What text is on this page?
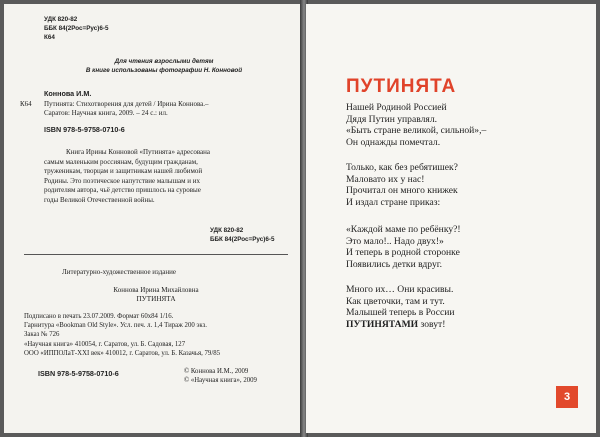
УДК 820-82
ББК 84(2Рос=Рус)6-5
К64
Для чтения взрослыми детям
В книге использованы фотографии Н. Конновой
Коннова И.М.
К64 Путинята: Стихотворения для детей / Ирина Коннова.–
Саратов: Научная книга, 2009. – 24 с.: ил.
ISBN 978-5-9758-0710-6
Книга Ирины Конновой «Путинята» адресована
самым маленьким россиянам, будущим гражданам,
труженикам, творцам и защитникам нашей любимой
Родины. Это поэтическое напутствие малышам и их
родителям автора, чьё детство пришлось на суровые
годы Великой Отечественной войны.
УДК 820-82
ББК 84(2Рос=Рус)6-5
Литературно-художественное издание
Коннова Ирина Михайловна
ПУТИНЯТА
Подписано в печать 23.07.2009. Формат 60х84 1/16.
Гарнитура «Bookman Old Style». Усл. печ. л. 1,4 Тираж 200 экз.
Заказ № 726
«Научная книга» 410054, г. Саратов, ул. Б. Садовая, 127
ООО «ИППОЛаТ-XXI век» 410012, г. Саратов, ул. Б. Казачья, 79/85
ISBN 978-5-9758-0710-6	© Коннова И.М., 2009
© «Научная книга», 2009
ПУТИНЯТА
Нашей Родиной Россией
Дядя Путин управлял.
«Быть стране великой, сильной»,–
Он однажды помечтал.
Только, как без ребятишек?
Маловато их у нас!
Прочитал он много книжек
И издал стране приказ:
«Каждой маме по ребёнку?!
Это мало!.. Надо двух!»
И теперь в родной сторонке
Появились детки вдруг.
Много их… Они красивы.
Как цветочки, там и тут.
Малышей теперь в России
ПУТИНЯТАМИ зовут!
3
